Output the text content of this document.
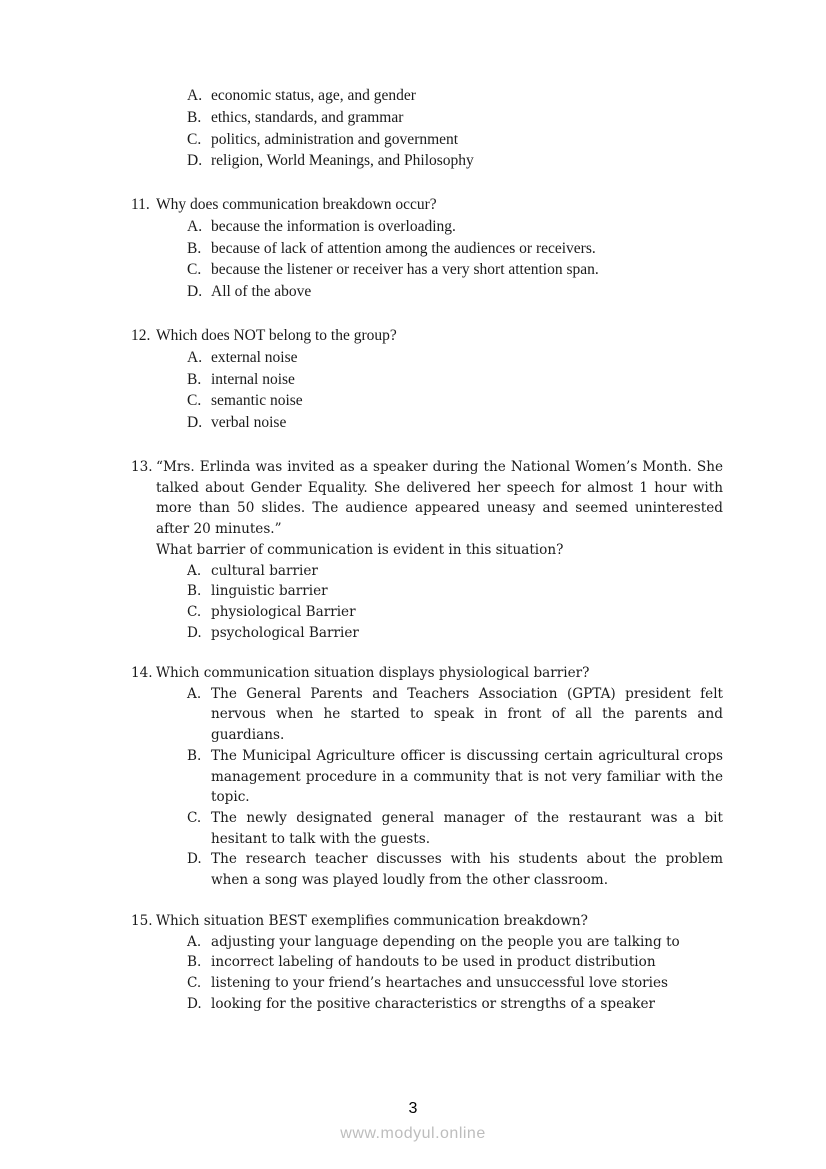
A. economic status, age, and gender
B. ethics, standards, and grammar
C. politics, administration and government
D. religion, World Meanings, and Philosophy
11. Why does communication breakdown occur?
A. because the information is overloading.
B. because of lack of attention among the audiences or receivers.
C. because the listener or receiver has a very short attention span.
D. All of the above
12. Which does NOT belong to the group?
A. external noise
B. internal noise
C. semantic noise
D. verbal noise
13. “Mrs. Erlinda was invited as a speaker during the National Women’s Month. She talked about Gender Equality. She delivered her speech for almost 1 hour with more than 50 slides. The audience appeared uneasy and seemed uninterested after 20 minutes.”
What barrier of communication is evident in this situation?
A. cultural barrier
B. linguistic barrier
C. physiological Barrier
D. psychological Barrier
14. Which communication situation displays physiological barrier?
A. The General Parents and Teachers Association (GPTA) president felt nervous when he started to speak in front of all the parents and guardians.
B. The Municipal Agriculture officer is discussing certain agricultural crops management procedure in a community that is not very familiar with the topic.
C. The newly designated general manager of the restaurant was a bit hesitant to talk with the guests.
D. The research teacher discusses with his students about the problem when a song was played loudly from the other classroom.
15. Which situation BEST exemplifies communication breakdown?
A. adjusting your language depending on the people you are talking to
B. incorrect labeling of handouts to be used in product distribution
C. listening to your friend’s heartaches and unsuccessful love stories
D. looking for the positive characteristics or strengths of a speaker
3
www.modyul.online
